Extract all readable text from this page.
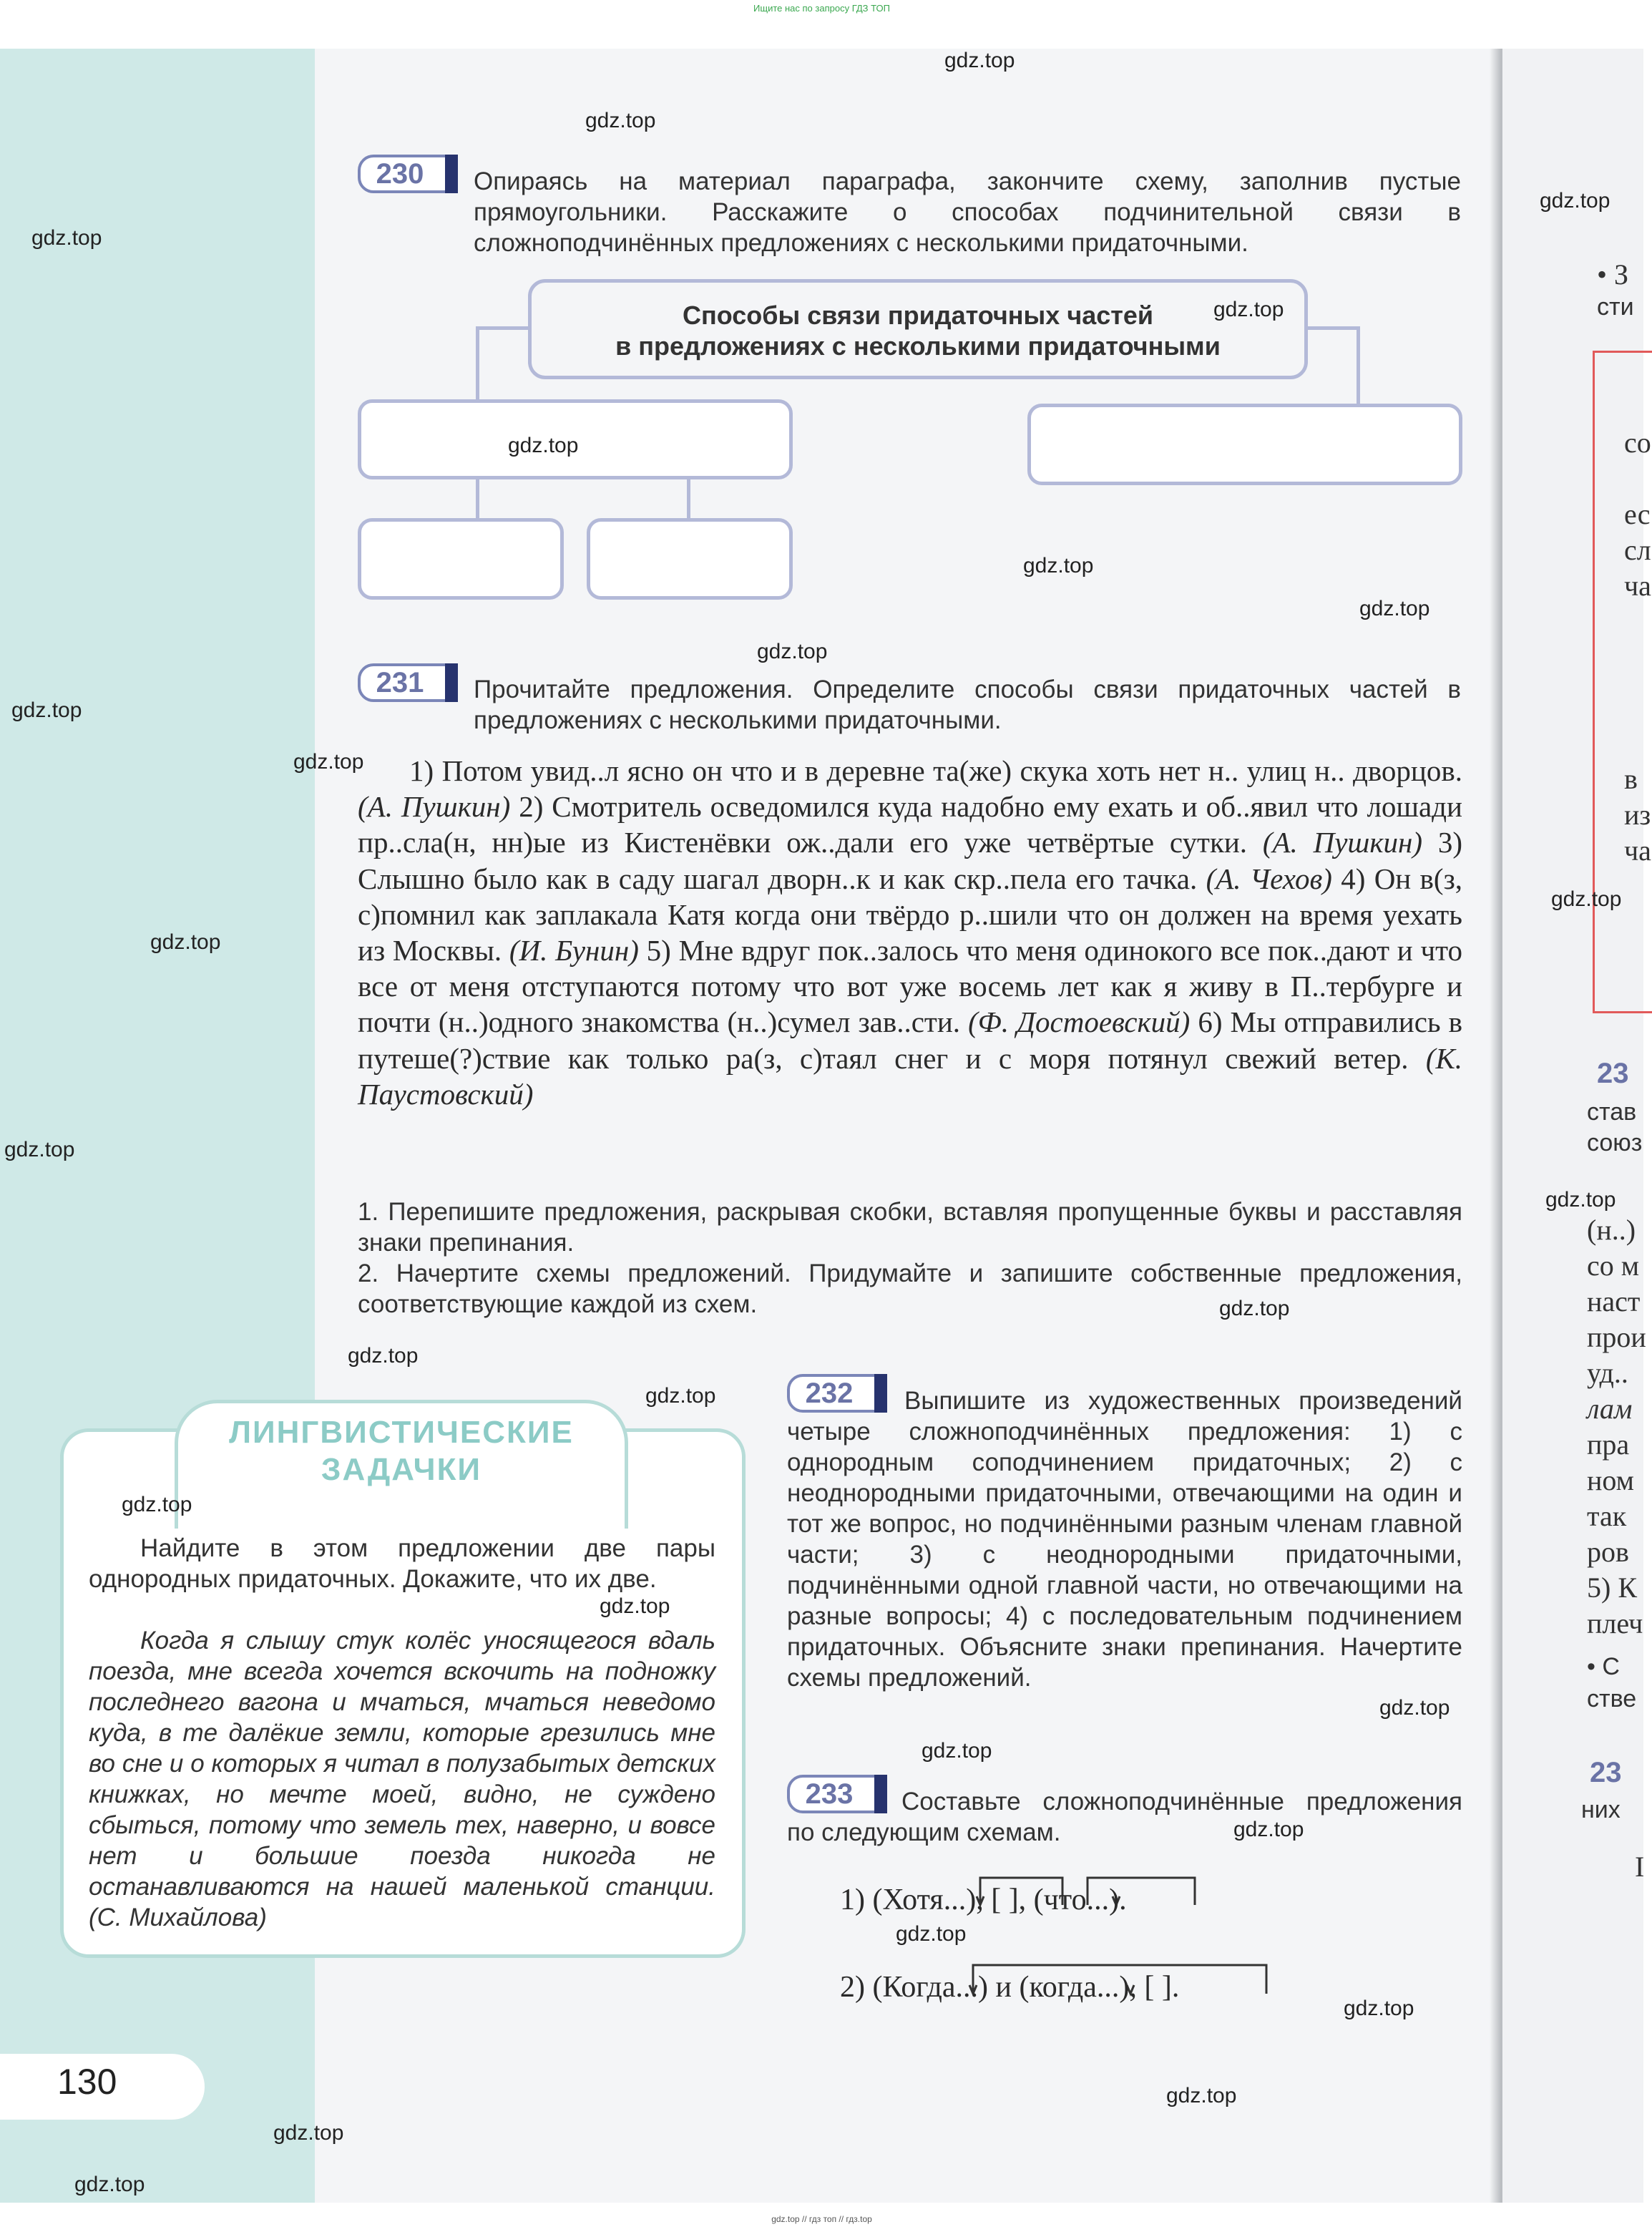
Ищите нас по запросу ГДЗ ТОП
• З
сти
со
ес
сл
ча
в
из
ча
23
став
союз
(н..)
со м
наст
прои
уд..
лам
пра
ном
так
ров
5) К
плеч
• С
стве
23
них
I
230	Опираясь на материал параграфа, закончите схему, заполнив пустые прямоугольники. Расскажите о способах подчинительной связи в сложноподчинённых предложениях с несколькими придаточными.
Способы связи придаточных частей
в предложениях с несколькими придаточными
231	Прочитайте предложения. Определите способы связи придаточных частей в предложениях с несколькими придаточными.
1) Потом увид..л ясно он что и в деревне та(же) скука хоть нет н.. улиц н.. дворцов. (А. Пушкин) 2) Смотритель осведомился куда надобно ему ехать и об..явил что лошади пр..сла(н, нн)ые из Кистенёвки ож..дали его уже четвёртые сутки. (А. Пушкин) 3) Слышно было как в саду шагал дворн..к и как скр..пела его тачка. (А. Чехов) 4) Он в(з, с)помнил как заплакала Катя когда они твёрдо р..шили что он должен на время уехать из Москвы. (И. Бунин) 5) Мне вдруг пок..залось что меня одинокого все пок..дают и что все от меня отступаются потому что вот уже восемь лет как я живу в П..тербурге и почти (н..)одного знакомства (н..)сумел зав..сти. (Ф. Достоевский) 6) Мы отправились в путеше(?)ствие как только ра(з, с)таял снег и с моря потянул свежий ветер. (К. Паустовский)
1. Перепишите предложения, раскрывая скобки, вставляя пропущенные буквы и расставляя знаки препинания.
2. Начертите схемы предложений. Придумайте и запишите собственные предложения, соответствующие каждой из схем.
ЛИНГВИСТИЧЕСКИЕ
ЗАДАЧКИ
Найдите в этом предложении две пары однородных придаточных. Докажите, что их две.
Когда я слышу стук колёс уносящегося вдаль поезда, мне всегда хочется вскочить на подножку последнего вагона и мчаться, мчаться неведомо куда, в те далёкие земли, которые грезились мне во сне и о которых я читал в полузабытых детских книжках, но мечте моей, видно, не суждено сбыться, потому что земель тех, наверно, и вовсе нет и большие поезда никогда не останавливаются на нашей маленькой станции. (С. Михайлова)
232	Выпишите из художественных произведений четыре сложноподчинённых предложения: 1) с однородным соподчинением придаточных; 2) с неоднородными придаточными, отвечающими на один и тот же вопрос, но подчинёнными разным членам главной части; 3) с неоднородными придаточными, подчинёнными одной главной части, но отвечающими на разные вопросы; 4) с последовательным подчинением придаточных. Объясните знаки препинания. Начертите схемы предложений.
233	Составьте сложноподчинённые предложения по следующим схемам.
1) (Хотя...), [ ], (что...).
2) (Когда...) и (когда...), [ ].
130
gdz.top
gdz.top
gdz.top
gdz.top
gdz.top
gdz.top
gdz.top
gdz.top
gdz.top
gdz.top
gdz.top
gdz.top
gdz.top
gdz.top
gdz.top
gdz.top
gdz.top
gdz.top
gdz.top
gdz.top
gdz.top
gdz.top
gdz.top
gdz.top
gdz.top
gdz.top
gdz.top
gdz.top
gdz.top // гдз топ // гдз.top
